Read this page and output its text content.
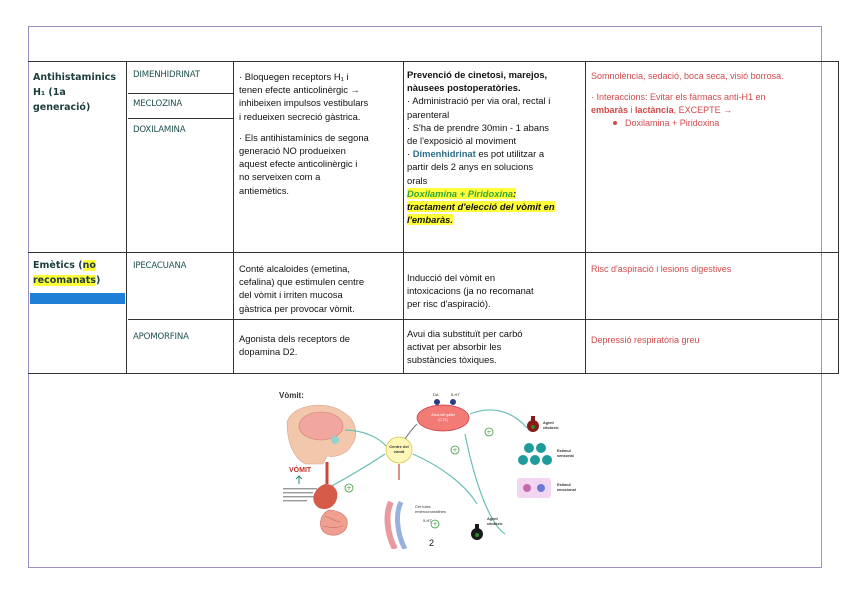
Antihistaminics
H₁ (1a generació)
DIMENHIDRINAT
MECLOZINA
DOXILAMINA
· Bloquegen receptors H₁ i
tenen efecte anticolinèrgic →
inhibeixen impulsos vestibulars
i redueixen secreció gàstrica.
· Els antihistamínics de segona
generació NO produeixen
aquest efecte anticolinèrgic i
no serveixen com a
antiemètics.
Prevenció de cinetosi, marejos,
nàusees postoperatòries.
· Administració per via oral, rectal i
parenteral
· S'ha de prendre 30min - 1 abans
de l'exposició al moviment
· Dimenhidrinat es pot utilitzar a
partir dels 2 anys en solucions
orals
Doxilamina + Piridoxina:
tractament d'elecció del vòmit en
l'embaràs.
Somnolència, sedació, boca seca, visió borrosa.
· Interaccions: Evitar els fàrmacs anti-H1 en
embaràs i lactància, EXCEPTE →
Doxilamina + Piridoxina
Emètics (no
recomanats)
IPECACUANA
APOMORFINA
Conté alcaloides (emetina,
cefalina) que estimulen centre
del vòmit i irriten mucosa
gàstrica per provocar vòmit.
Agonista dels receptors de
dopamina D2.
Inducció del vòmit en
intoxicacions (ja no recomanat
per risc d'aspiració).
Avui dia substituït per carbó
activat per absorbir les
substàncies tòxiques.
Risc d'aspiració i lesions digestives
Depressió respiratòria greu
Vòmit:
Zona del gallet
(CTZ)
DA	5-HT
Centre del
vòmit
+
+
+
+
VÒMIT
Cèl·lules
enterocromafines
5-HT
Agent
citotòxic
Estímul
sensorial
Estímul
emocional
Agent
citotòxic
2
